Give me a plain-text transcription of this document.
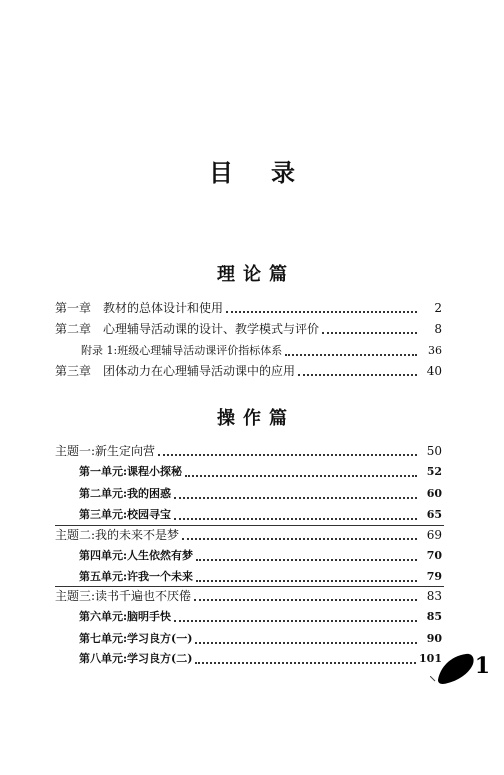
目录
理论篇
第一章　教材的总体设计和使用	2
第二章　心理辅导活动课的设计、教学模式与评价	8
附录 1:班级心理辅导活动课评价指标体系	36
第三章　团体动力在心理辅导活动课中的应用	40
操作篇
主题一:新生定向营	50
第一单元:课程小探秘	52
第二单元:我的困惑	60
第三单元:校园寻宝	65
主题二:我的未来不是梦	69
第四单元:人生依然有梦	70
第五单元:许我一个未来	79
主题三:读书千遍也不厌倦	83
第六单元:脑明手快	85
第七单元:学习良方(一)	90
第八单元:学习良方(二)	101 1
